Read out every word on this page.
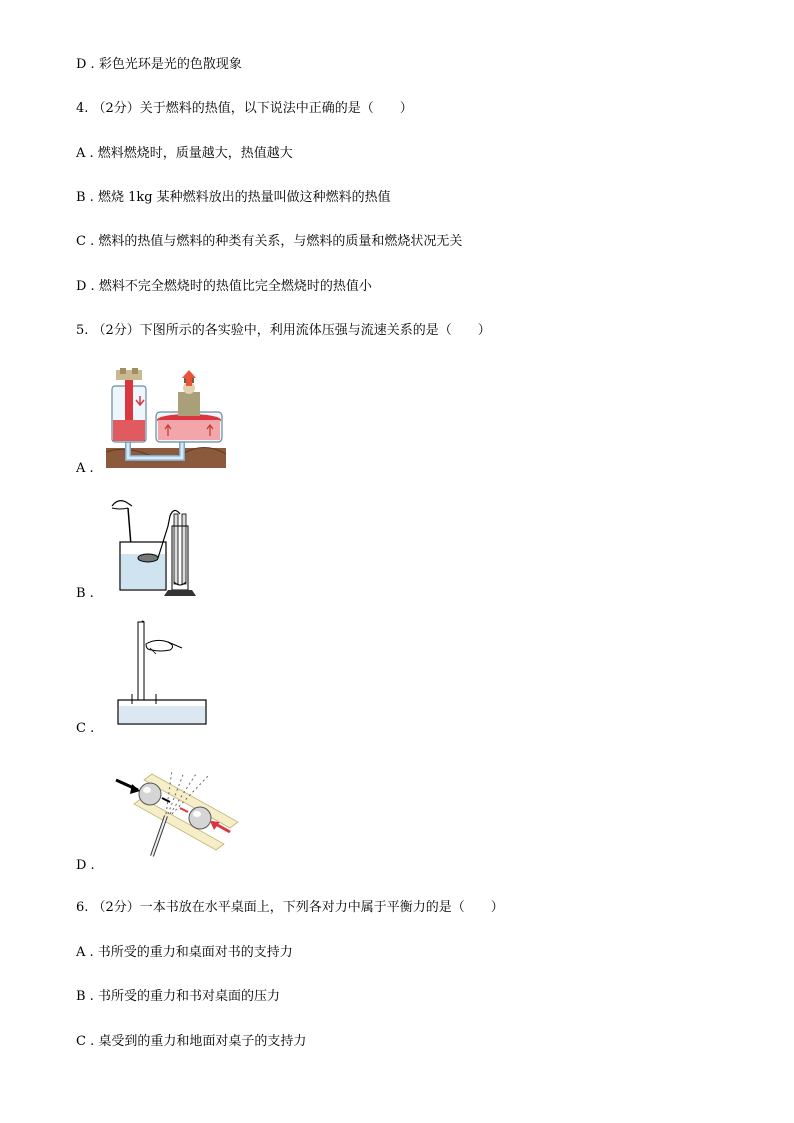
D . 彩色光环是光的色散现象
4. （2分）关于燃料的热值，以下说法中正确的是（　　）
A . 燃料燃烧时，质量越大，热值越大
B . 燃烧 1kg 某种燃料放出的热量叫做这种燃料的热值
C . 燃料的热值与燃料的种类有关系，与燃料的质量和燃烧状况无关
D . 燃料不完全燃烧时的热值比完全燃烧时的热值小
5. （2分）下图所示的各实验中，利用流体压强与流速关系的是（　　）
A .
B .
C .
D .
6. （2分）一本书放在水平桌面上，下列各对力中属于平衡力的是（　　）
A . 书所受的重力和桌面对书的支持力
B . 书所受的重力和书对桌面的压力
C . 桌受到的重力和地面对桌子的支持力
